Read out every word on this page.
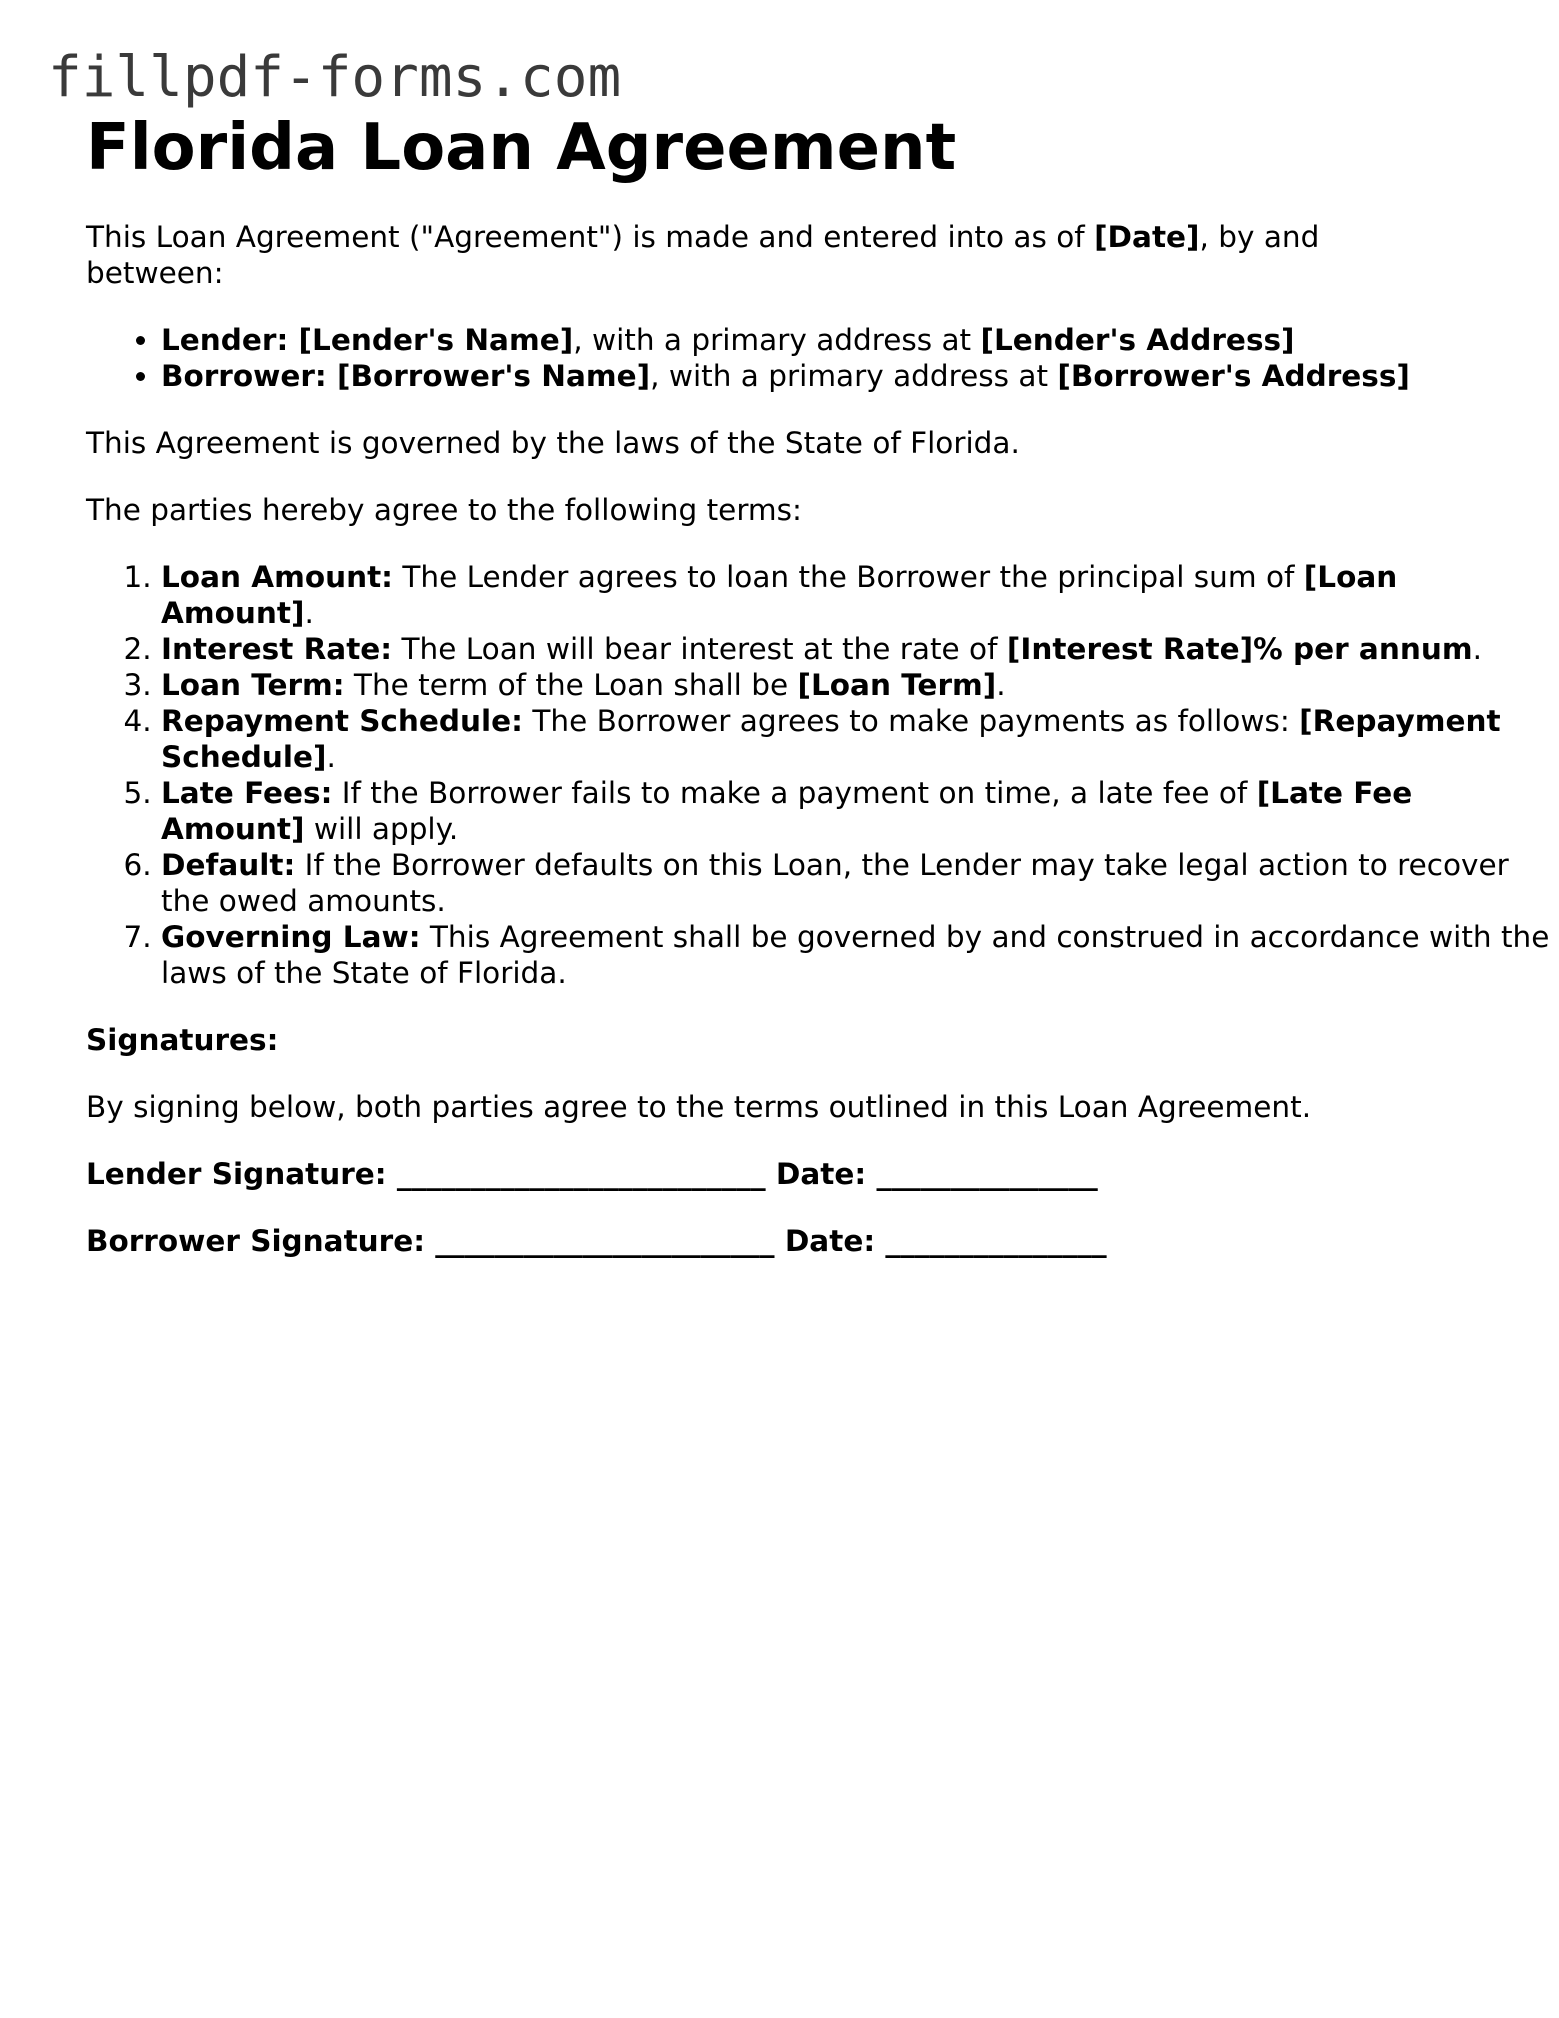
fillpdf-forms.com
Florida Loan Agreement

This Loan Agreement ("Agreement") is made and entered into as of [Date], by and between:

• Lender: [Lender's Name], with a primary address at [Lender's Address]
• Borrower: [Borrower's Name], with a primary address at [Borrower's Address]

This Agreement is governed by the laws of the State of Florida.

The parties hereby agree to the following terms:

1. Loan Amount: The Lender agrees to loan the Borrower the principal sum of [Loan Amount].
2. Interest Rate: The Loan will bear interest at the rate of [Interest Rate]% per annum.
3. Loan Term: The term of the Loan shall be [Loan Term].
4. Repayment Schedule: The Borrower agrees to make payments as follows: [Repayment Schedule].
5. Late Fees: If the Borrower fails to make a payment on time, a late fee of [Late Fee Amount] will apply.
6. Default: If the Borrower defaults on this Loan, the Lender may take legal action to recover the owed amounts.
7. Governing Law: This Agreement shall be governed by and construed in accordance with the laws of the State of Florida.

Signatures:

By signing below, both parties agree to the terms outlined in this Loan Agreement.

Lender Signature: _________________________ Date: _______________

Borrower Signature: _______________________ Date: _______________
